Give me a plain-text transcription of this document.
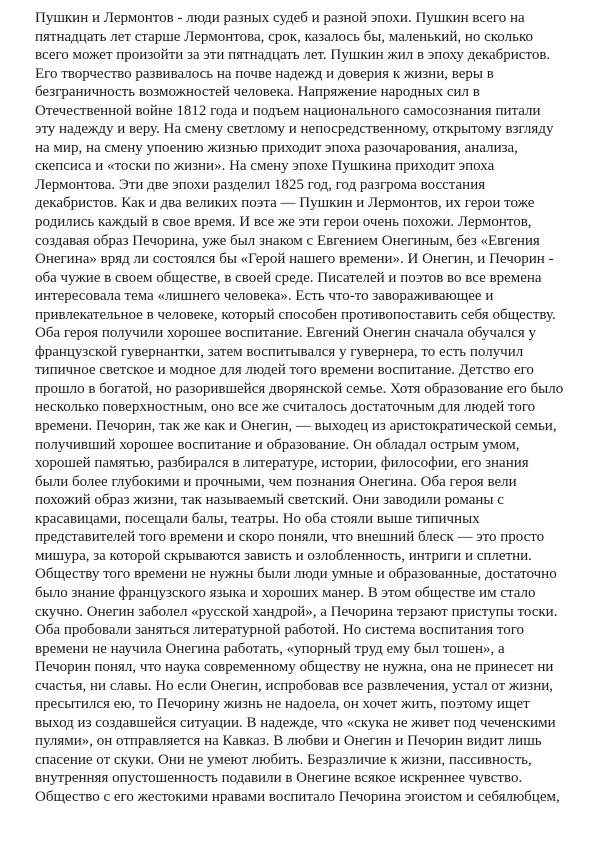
Пушкин и Лермонтов - люди разных судеб и разной эпохи. Пушкин всего на
пятнадцать лет старше Лермонтова, срок, казалось бы, маленький, но сколько
всего может произойти за эти пятнадцать лет. Пушкин жил в эпоху декабристов.
Его творчество развивалось на почве надежд и доверия к жизни, веры в
безграничность возможностей человека. Напряжение народных сил в
Отечественной войне 1812 года и подъем национального самосознания питали
эту надежду и веру. На смену светлому и непосредственному, открытому взгляду
на мир, на смену упоению жизнью приходит эпоха разочарования, анализа,
скепсиса и «тоски по жизни». На смену эпохе Пушкина приходит эпоха
Лермонтова. Эти две эпохи разделил 1825 год, год разгрома восстания
декабристов. Как и два великих поэта — Пушкин и Лермонтов, их герои тоже
родились каждый в свое время. И все же эти герои очень похожи. Лермонтов,
создавая образ Печорина, уже был знаком с Евгением Онегиным, без «Евгения
Онегина» вряд ли состоялся бы «Герой нашего времени». И Онегин, и Печорин -
оба чужие в своем обществе, в своей среде. Писателей и поэтов во все времена
интересовала тема «лишнего человека». Есть что-то завораживающее и
привлекательное в человеке, который способен противопоставить себя обществу.
Оба героя получили хорошее воспитание. Евгений Онегин сначала обучался у
французской гувернантки, затем воспитывался у гувернера, то есть получил
типичное светское и модное для людей того времени воспитание. Детство его
прошло в богатой, но разорившейся дворянской семье. Хотя образование его было
несколько поверхностным, оно все же считалось достаточным для людей того
времени. Печорин, так же как и Онегин, — выходец из аристократической семьи,
получивший хорошее воспитание и образование. Он обладал острым умом,
хорошей памятью, разбирался в литературе, истории, философии, его знания
были более глубокими и прочными, чем познания Онегина. Оба героя вели
похожий образ жизни, так называемый светский. Они заводили романы с
красавицами, посещали балы, театры. Но оба стояли выше типичных
представителей того времени и скоро поняли, что внешний блеск — это просто
мишура, за которой скрываются зависть и озлобленность, интриги и сплетни.
Обществу того времени не нужны были люди умные и образованные, достаточно
было знание французского языка и хороших манер. В этом обществе им стало
скучно. Онегин заболел «русской хандрой», а Печорина терзают приступы тоски.
Оба пробовали заняться литературной работой. Но система воспитания того
времени не научила Онегина работать, «упорный труд ему был тошен», а
Печорин понял, что наука современному обществу не нужна, она не принесет ни
счастья, ни славы. Но если Онегин, испробовав все развлечения, устал от жизни,
пресытился ею, то Печорину жизнь не надоела, он хочет жить, поэтому ищет
выход из создавшейся ситуации. В надежде, что «скука не живет под чеченскими
пулями», он отправляется на Кавказ. В любви и Онегин и Печорин видит лишь
спасение от скуки. Они не умеют любить. Безразличие к жизни, пассивность,
внутренняя опустошенность подавили в Онегине всякое искреннее чувство.
Общество с его жестокими нравами воспитало Печорина эгоистом и себялюбцем,
